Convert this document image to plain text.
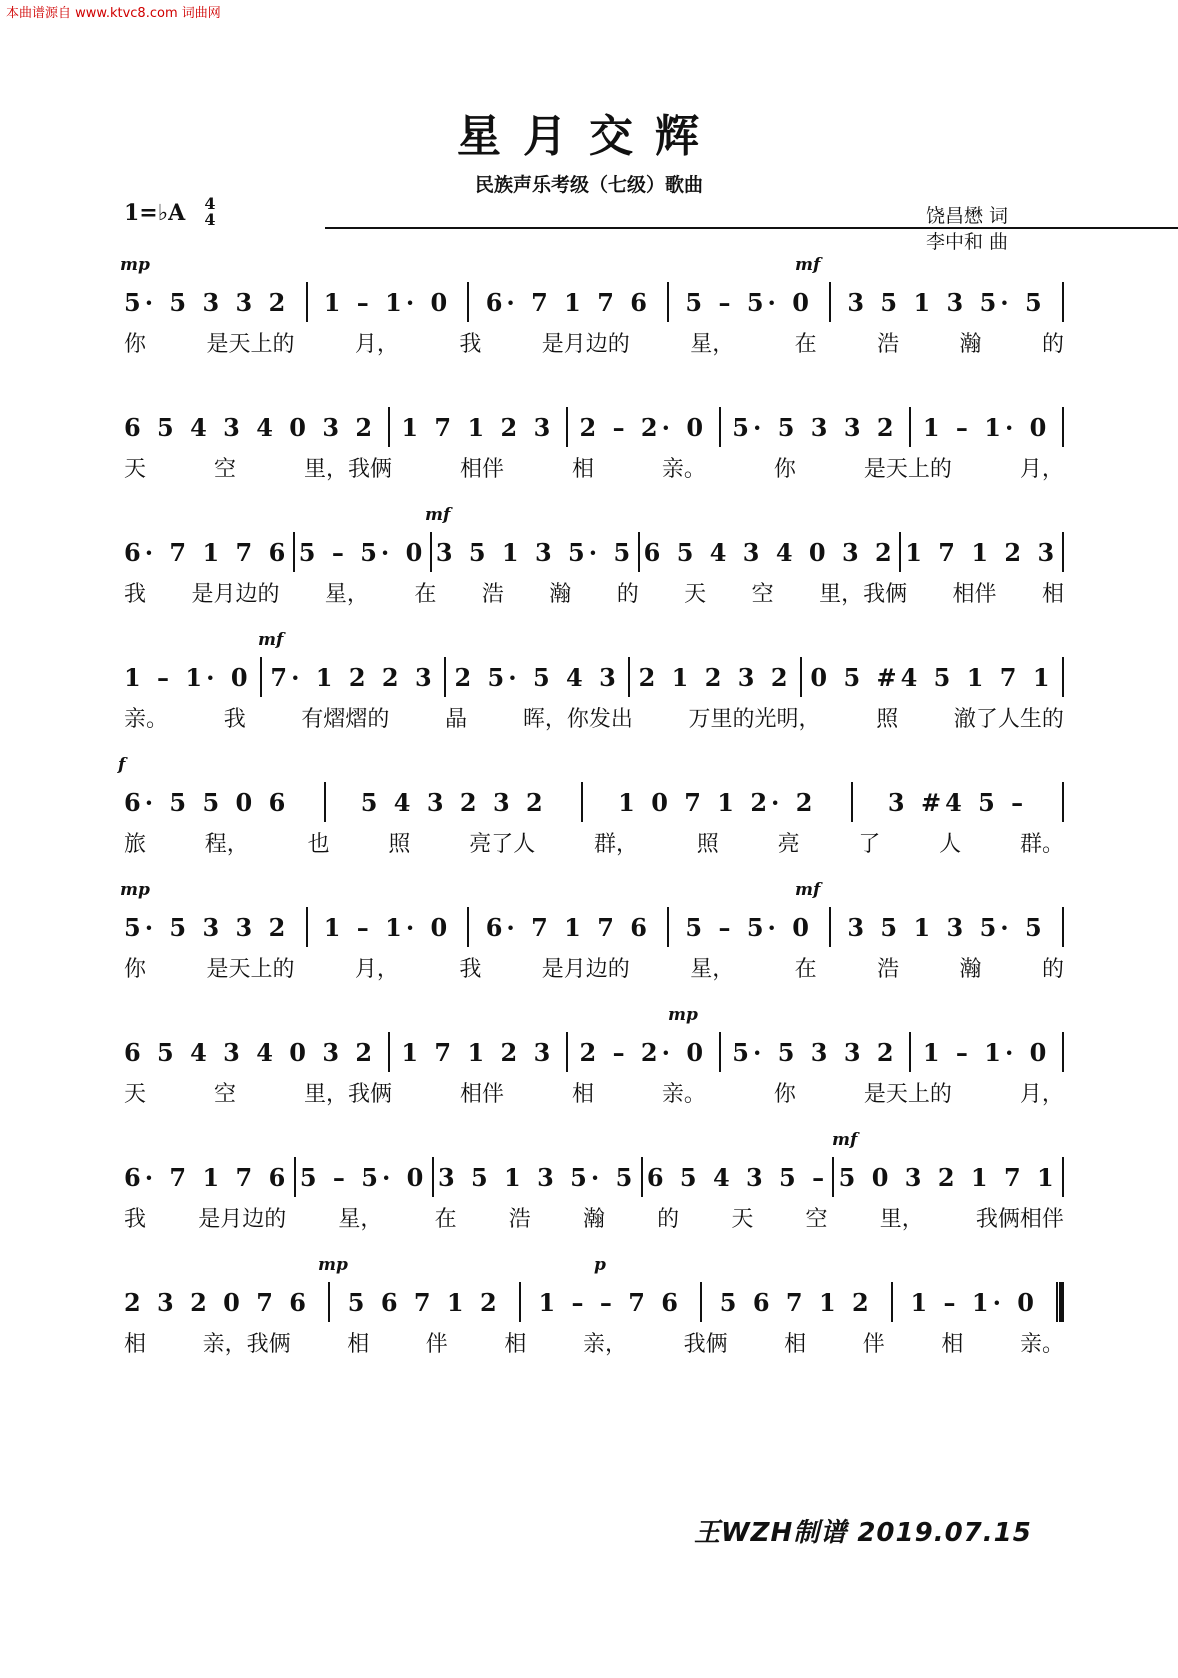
本曲谱源自 www.ktvc8.com 词曲网
星月交辉
民族声乐考级（七级）歌曲
1=♭A 4
4	饶昌懋 词
李中和 曲
mp	mf
5· 5 3 3 2 1 – 1· 0 6· 7 1 7 6 5 – 5· 0 3 5 1 3 5· 5
你	是天上的	月，	我	是月边的	星，	在	浩	瀚	的
6 5 4 3 4 0 3 2 1 7 1 2 3 2 – 2· 0 5· 5 3 3 2 1 – 1· 0
天	空	里，我俩	相伴	相	亲。	你	是天上的	月，
mf
6· 7 1 7 6 5 – 5· 0 3 5 1 3 5· 5 6 5 4 3 4 0 3 2 1 7 1 2 3
我 是月边的 星， 在 浩 瀚 的 天 空 里，我俩 相伴 相
mf
1 – 1· 0 7· 1 2 2 3 2 5· 5 4 3 2 1 2 3 2 0 5 #4 5 1 7 1
亲。	我	有熠熠的	晶	晖，你发出	万里的光明，	照	澈了人生的
f
6· 5 5 0 6	5 4 3 2 3 2	1 0 7 1 2· 2	3 #4 5 –
旅	程，	也	照	亮了人	群，	照	亮	了	人	群。
mp	mf
5· 5 3 3 2 1 – 1· 0 6· 7 1 7 6 5 – 5· 0 3 5 1 3 5· 5
你	是天上的	月，	我	是月边的	星，	在	浩	瀚	的
mp
6 5 4 3 4 0 3 2 1 7 1 2 3 2 – 2· 0 5· 5 3 3 2 1 – 1· 0
天	空	里，我俩	相伴	相	亲。	你	是天上的	月，
mf
6· 7 1 7 6 5 – 5· 0 3 5 1 3 5· 5 6 5 4 3 5 – 5 0 3 2 1 7 1
我 是月边的 星， 在 浩 瀚 的 天 空 里， 我俩相伴
mp	p
2 3 2 0 7 6 5 6 7 1 2 1 – – 7 6 5 6 7 1 2 1 – 1· 0
相	亲，我俩	相	伴	相	亲，	我俩	相	伴	相	亲。
王WZH制谱 2019.07.15
